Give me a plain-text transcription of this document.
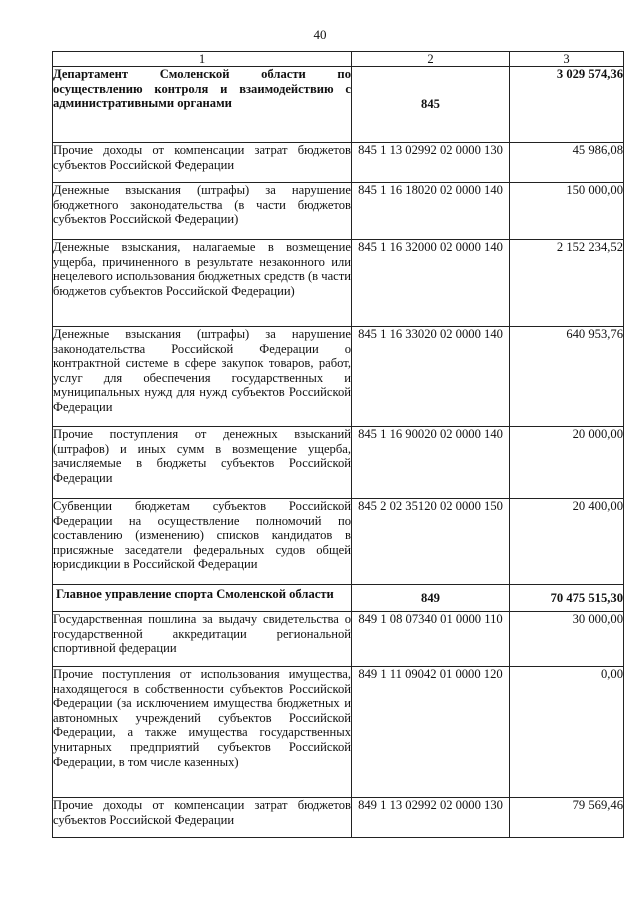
40
1	2	3
Департамент Смоленской области по осуществлению контроля и взаимодействию с административными органами	845	3 029 574,36
Прочие доходы от компенсации затрат бюджетов субъектов Российской Федерации	845 1 13 02992 02 0000 130	45 986,08
Денежные взыскания (штрафы) за нарушение бюджетного законодательства (в части бюджетов субъектов Российской Федерации)	845 1 16 18020 02 0000 140	150 000,00
Денежные взыскания, налагаемые в возмещение ущерба, причиненного в результате незаконного или нецелевого использования бюджетных средств (в части бюджетов субъектов Российской Федерации)	845 1 16 32000 02 0000 140	2 152 234,52
Денежные взыскания (штрафы) за нарушение законодательства Российской Федерации о контрактной системе в сфере закупок товаров, работ, услуг для обеспечения государственных и муниципальных нужд для нужд субъектов Российской Федерации	845 1 16 33020 02 0000 140	640 953,76
Прочие поступления от денежных взысканий (штрафов) и иных сумм в возмещение ущерба, зачисляемые в бюджеты субъектов Российской Федерации	845 1 16 90020 02 0000 140	20 000,00
Субвенции бюджетам субъектов Российской Федерации на осуществление полномочий по составлению (изменению) списков кандидатов в присяжные заседатели федеральных судов общей юрисдикции в Российской Федерации	845 2 02 35120 02 0000 150	20 400,00
Главное управление спорта Смоленской области	849	70 475 515,30
Государственная пошлина за выдачу свидетельства о государственной аккредитации региональной спортивной федерации	849 1 08 07340 01 0000 110	30 000,00
Прочие поступления от использования имущества, находящегося в собственности субъектов Российской Федерации (за исключением имущества бюджетных и автономных учреждений субъектов Российской Федерации, а также имущества государственных унитарных предприятий субъектов Российской Федерации, в том числе казенных)	849 1 11 09042 01 0000 120	0,00
Прочие доходы от компенсации затрат бюджетов субъектов Российской Федерации	849 1 13 02992 02 0000 130	79 569,46
